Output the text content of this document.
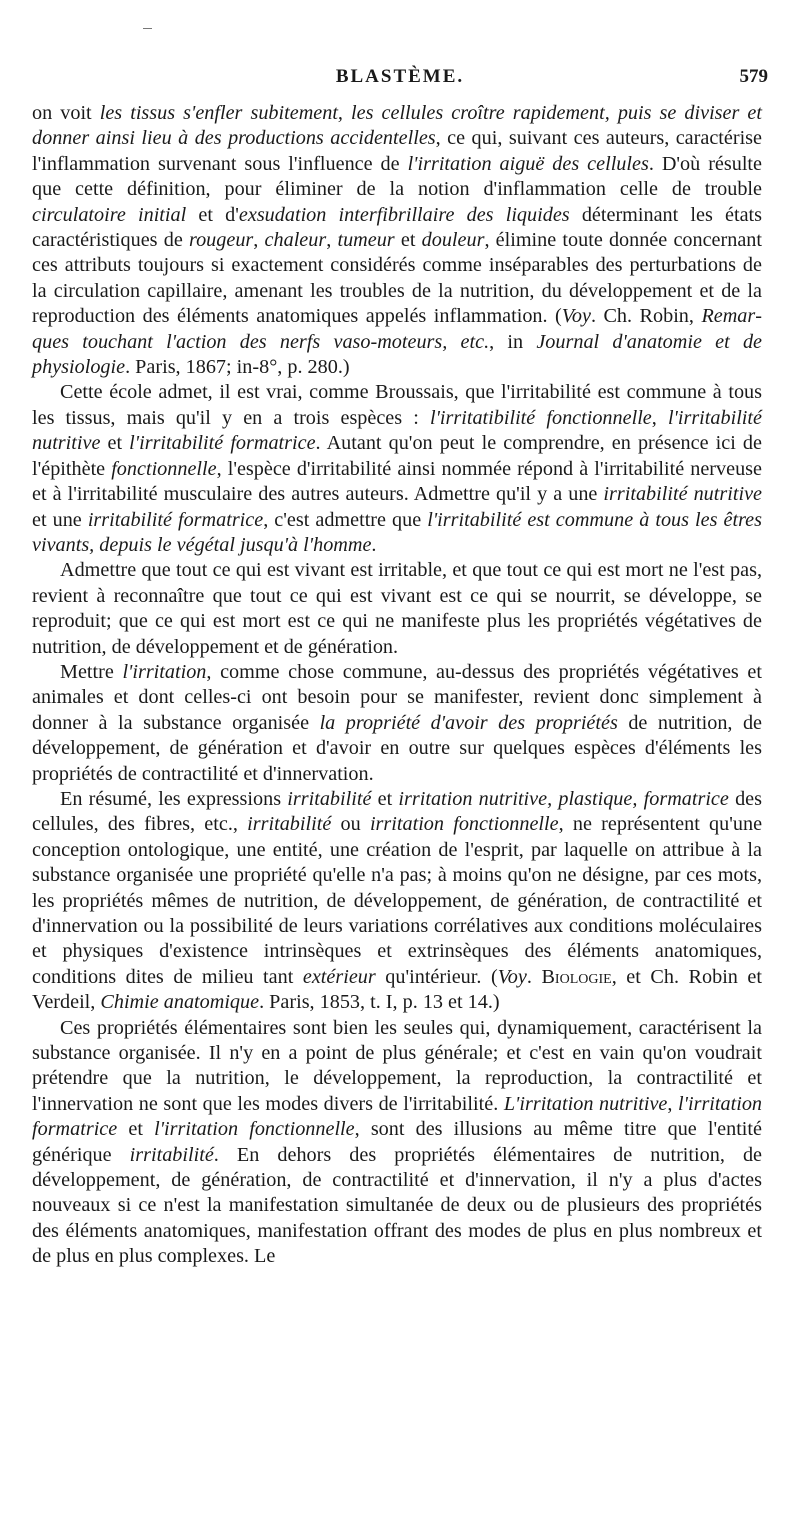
BLASTÈME.	579

on voit les tissus s'enfler subitement, les cellules croître rapidement, puis se diviser et donner ainsi lieu à des productions accidentelles, ce qui, suivant ces auteurs, caractérise l'inflammation survenant sous l'influence de l'irritation aiguë des cellules. D'où résulte que cette définition, pour éliminer de la notion d'inflammation celle de trouble circulatoire initial et d'exsudation interfibrillaire des liquides déterminant les états caractéristiques de rougeur, chaleur, tumeur et douleur, élimine toute donnée concernant ces attributs toujours si exactement considérés comme inséparables des perturbations de la circulation capillaire, amenant les troubles de la nutrition, du développement et de la reproduction des éléments anatomiques appelés inflammation. (Voy. Ch. Robin, Remarques touchant l'action des nerfs vaso-moteurs, etc., in Journal d'anatomie et de physiologie. Paris, 1867; in-8°, p. 280.)

Cette école admet, il est vrai, comme Broussais, que l'irritabilité est commune à tous les tissus, mais qu'il y en a trois espèces : l'irritatibilité fonctionnelle, l'irritabilité nutritive et l'irritabilité formatrice. Autant qu'on peut le comprendre, en présence ici de l'épithète fonctionnelle, l'espèce d'irritabilité ainsi nommée répond à l'irritabilité nerveuse et à l'irritabilité musculaire des autres auteurs. Admettre qu'il y a une irritabilité nutritive et une irritabilité formatrice, c'est admettre que l'irritabilité est commune à tous les êtres vivants, depuis le végétal jusqu'à l'homme.

Admettre que tout ce qui est vivant est irritable, et que tout ce qui est mort ne l'est pas, revient à reconnaître que tout ce qui est vivant est ce qui se nourrit, se développe, se reproduit; que ce qui est mort est ce qui ne manifeste plus les propriétés végétatives de nutrition, de développement et de génération.

Mettre l'irritation, comme chose commune, au-dessus des propriétés végétatives et animales et dont celles-ci ont besoin pour se manifester, revient donc simplement à donner à la substance organisée la propriété d'avoir des propriétés de nutrition, de développement, de génération et d'avoir en outre sur quelques espèces d'éléments les propriétés de contractilité et d'innervation.

En résumé, les expressions irritabilité et irritation nutritive, plastique, formatrice des cellules, des fibres, etc., irritabilité ou irritation fonctionnelle, ne représentent qu'une conception ontologique, une entité, une création de l'esprit, par laquelle on attribue à la substance organisée une propriété qu'elle n'a pas; à moins qu'on ne désigne, par ces mots, les propriétés mêmes de nutrition, de développement, de génération, de contractilité et d'innervation ou la possibilité de leurs variations corrélatives aux conditions moléculaires et physiques d'existence intrinsèques et extrinsèques des éléments anatomiques, conditions dites de milieu tant extérieur qu'intérieur. (Voy. Biologie, et Ch. Robin et Verdeil, Chimie anatomique. Paris, 1853, t. I, p. 13 et 14.)

Ces propriétés élémentaires sont bien les seules qui, dynamiquement, caractérisent la substance organisée. Il n'y en a point de plus générale; et c'est en vain qu'on voudrait prétendre que la nutrition, le développement, la reproduction, la contractilité et l'innervation ne sont que les modes divers de l'irritabilité. L'irritation nutritive, l'irritation formatrice et l'irritation fonctionnelle, sont des illusions au même titre que l'entité générique irritabilité. En dehors des propriétés élémentaires de nutrition, de développement, de génération, de contractilité et d'innervation, il n'y a plus d'actes nouveaux si ce n'est la manifestation simultanée de deux ou de plusieurs des propriétés des éléments anatomiques, manifestation offrant des modes de plus en plus nombreux et de plus en plus complexes. Le
